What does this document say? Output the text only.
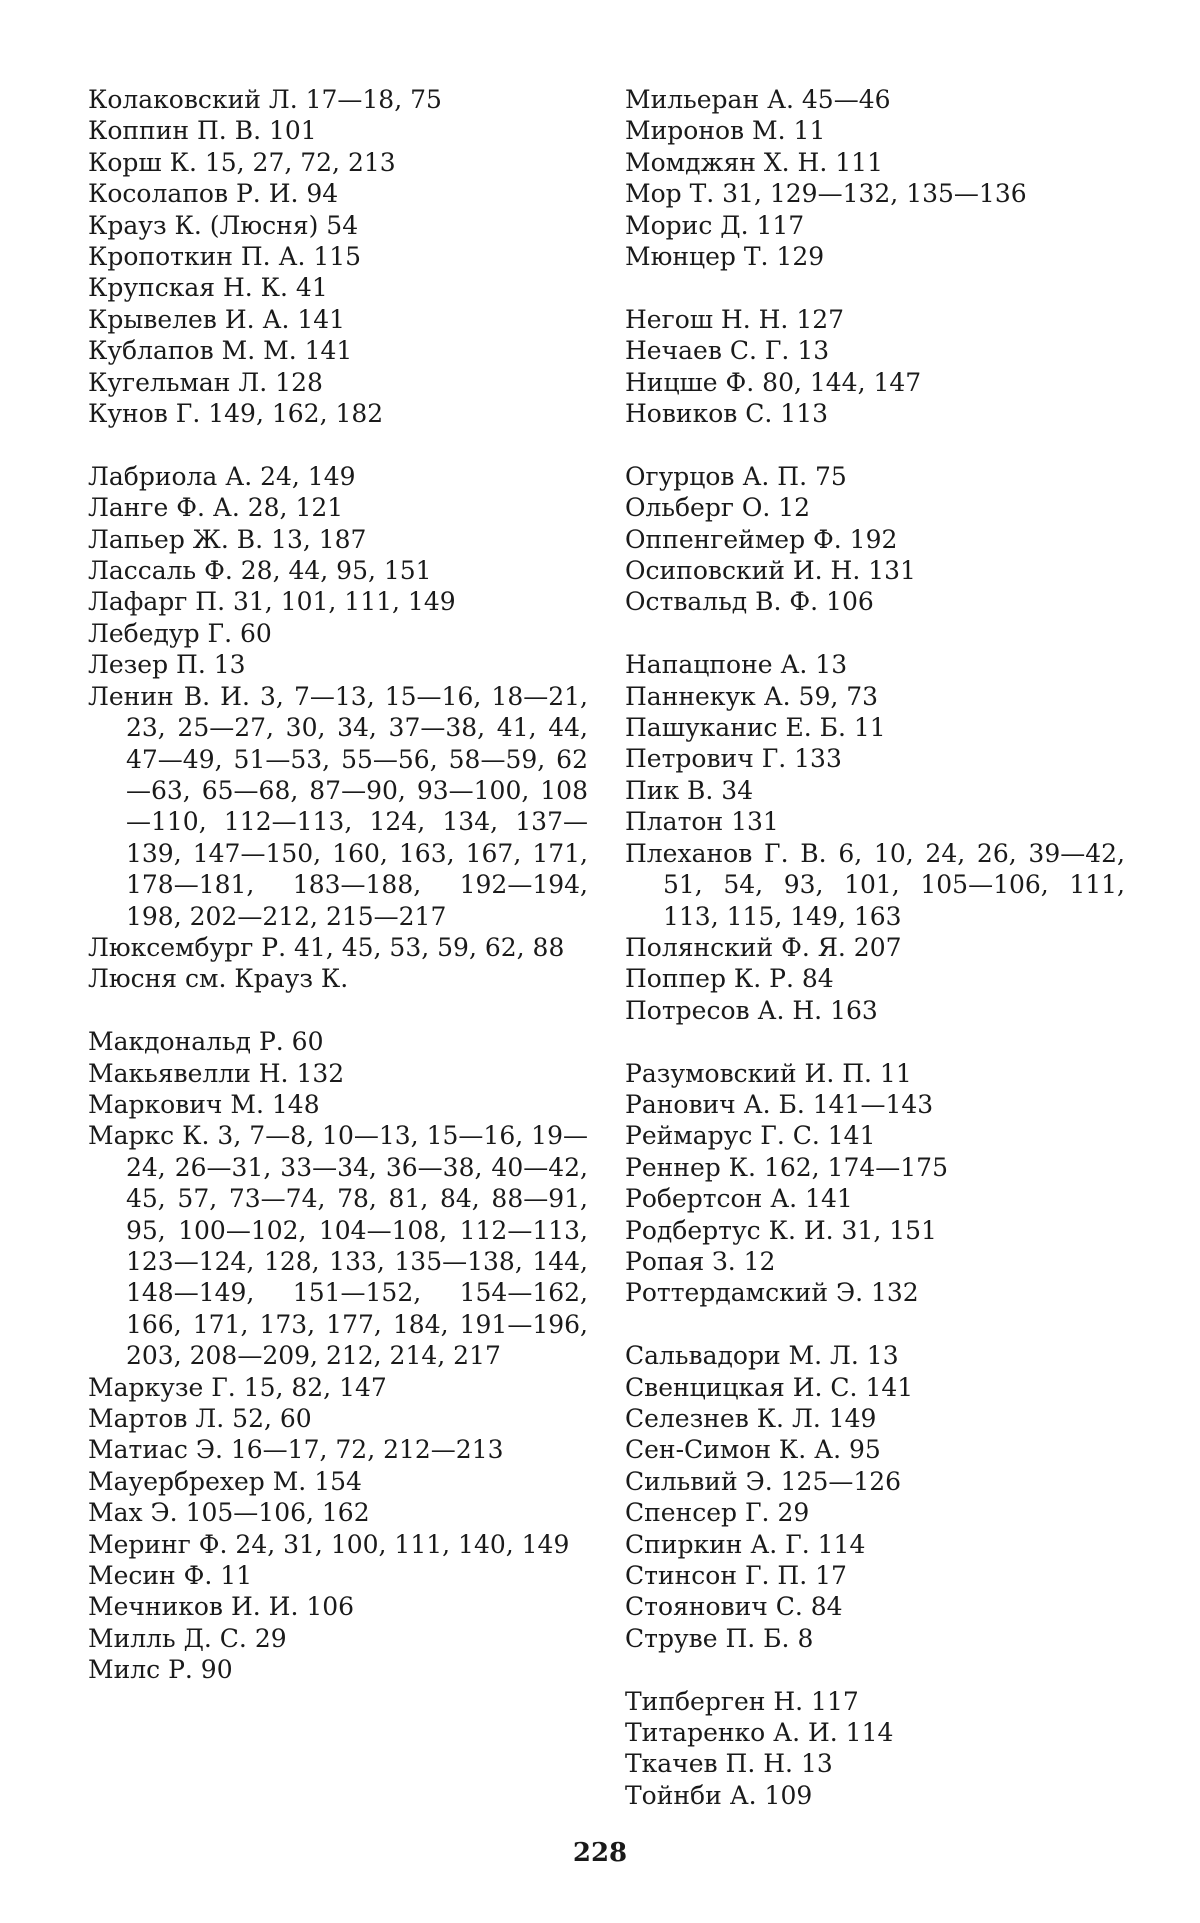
Колаковский Л. 17—18, 75
Коппин П. В. 101
Корш К. 15, 27, 72, 213
Косолапов Р. И. 94
Крауз К. (Люсня) 54
Кропоткин П. А. 115
Крупская Н. К. 41
Крывелев И. А. 141
Кублапов М. М. 141
Кугельман Л. 128
Кунов Г. 149, 162, 182
Лабриола А. 24, 149
Ланге Ф. А. 28, 121
Лапьер Ж. В. 13, 187
Лассаль Ф. 28, 44, 95, 151
Лафарг П. 31, 101, 111, 149
Лебедур Г. 60
Лезер П. 13
Ленин В. И. 3, 7—13, 15—16, 18—21, 23, 25—27, 30, 34, 37—38, 41, 44, 47—49, 51—53, 55—56, 58—59, 62—63, 65—68, 87—90, 93—100, 108—110, 112—113, 124, 134, 137—139, 147—150, 160, 163, 167, 171, 178—181, 183—188, 192—194, 198, 202—212, 215—217
Люксембург Р. 41, 45, 53, 59, 62, 88
Люсня см. Крауз К.
Макдональд Р. 60
Макьявелли Н. 132
Маркович М. 148
Маркс К. 3, 7—8, 10—13, 15—16, 19—24, 26—31, 33—34, 36—38, 40—42, 45, 57, 73—74, 78, 81, 84, 88—91, 95, 100—102, 104—108, 112—113, 123—124, 128, 133, 135—138, 144, 148—149, 151—152, 154—162, 166, 171, 173, 177, 184, 191—196, 203, 208—209, 212, 214, 217
Маркузе Г. 15, 82, 147
Мартов Л. 52, 60
Матиас Э. 16—17, 72, 212—213
Мауербрехер М. 154
Мах Э. 105—106, 162
Меринг Ф. 24, 31, 100, 111, 140, 149
Месин Ф. 11
Мечников И. И. 106
Милль Д. С. 29
Милс Р. 90
Мильеран А. 45—46
Миронов М. 11
Момджян Х. Н. 111
Мор Т. 31, 129—132, 135—136
Морис Д. 117
Мюнцер Т. 129
Негош Н. Н. 127
Нечаев С. Г. 13
Ницше Ф. 80, 144, 147
Новиков С. 113
Огурцов А. П. 75
Ольберг О. 12
Оппенгеймер Ф. 192
Осиповский И. Н. 131
Оствальд В. Ф. 106
Напацпоне А. 13
Паннекук А. 59, 73
Пашуканис Е. Б. 11
Петрович Г. 133
Пик В. 34
Платон 131
Плеханов Г. В. 6, 10, 24, 26, 39—42, 51, 54, 93, 101, 105—106, 111, 113, 115, 149, 163
Полянский Ф. Я. 207
Поппер К. Р. 84
Потресов А. Н. 163
Разумовский И. П. 11
Ранович А. Б. 141—143
Реймарус Г. С. 141
Реннер К. 162, 174—175
Робертсон А. 141
Родбертус К. И. 31, 151
Ропая З. 12
Роттердамский Э. 132
Сальвадори М. Л. 13
Свенцицкая И. С. 141
Селезнев К. Л. 149
Сен-Симон К. А. 95
Сильвий Э. 125—126
Спенсер Г. 29
Спиркин А. Г. 114
Стинсон Г. П. 17
Стоянович С. 84
Струве П. Б. 8
Типберген Н. 117
Титаренко А. И. 114
Ткачев П. Н. 13
Тойнби А. 109
228
